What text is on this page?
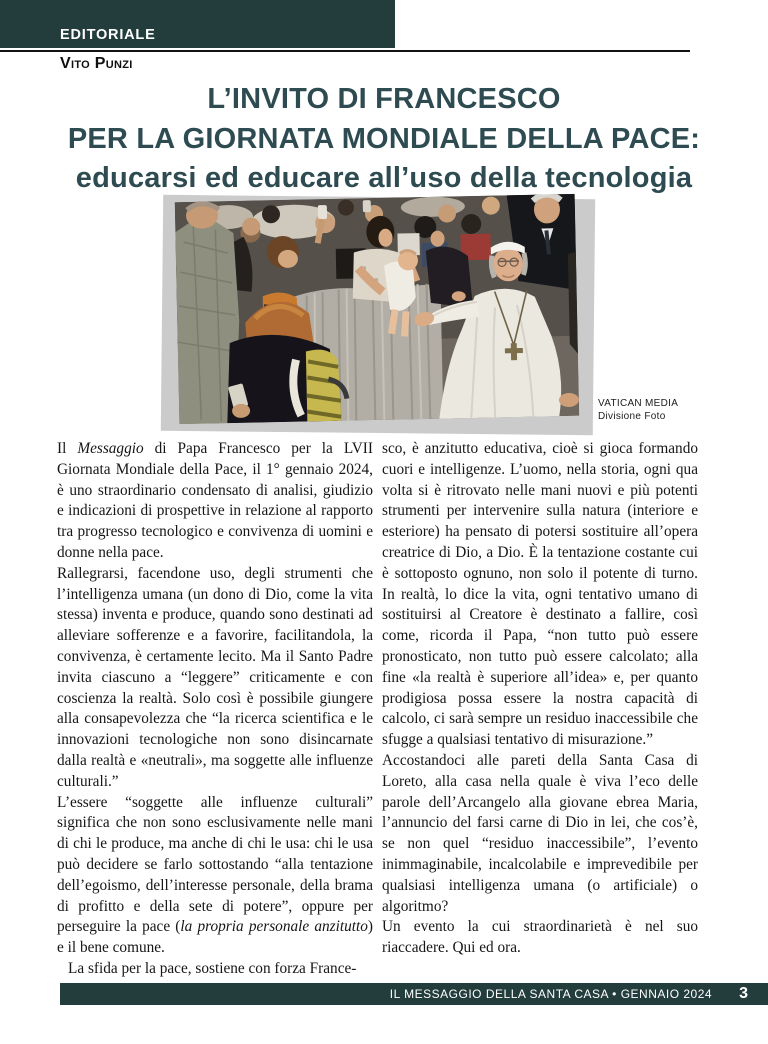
EDITORIALE
Vito Punzi
L’INVITO DI FRANCESCO
PER LA GIORNATA MONDIALE DELLA PACE:
educarsi ed educare all’uso della tecnologia
VATICAN MEDIA
Divisione Foto

Il Messaggio di Papa Francesco per la LVII Giornata Mondiale della Pace, il 1° gennaio 2024, è uno straordinario condensato di analisi, giudizio e indicazioni di prospettive in relazione al rapporto tra progresso tecnologico e convivenza di uomini e donne nella pace.

Rallegrarsi, facendone uso, degli strumenti che l’intelligenza umana (un dono di Dio, come la vita stessa) inventa e produce, quando sono destinati ad alleviare sofferenze e a favorire, facilitandola, la convivenza, è certamente lecito. Ma il Santo Padre invita ciascuno a “leggere” criticamente e con coscienza la realtà. Solo così è possibile giungere alla consapevolezza che “la ricerca scientifica e le innovazioni tecnologiche non sono disincarnate dalla realtà e «neutrali», ma soggette alle influenze culturali.”

L’essere “soggette alle influenze culturali” significa che non sono esclusivamente nelle mani di chi le produce, ma anche di chi le usa: chi le usa può decidere se farlo sottostando “alla tentazione dell’egoismo, dell’interesse personale, della brama di profitto e della sete di potere”, oppure per perseguire la pace (la propria personale anzitutto) e il bene comune.

La sfida per la pace, sostiene con forza France-

sco, è anzitutto educativa, cioè si gioca formando cuori e intelligenze. L’uomo, nella storia, ogni qua volta si è ritrovato nelle mani nuovi e più potenti strumenti per intervenire sulla natura (interiore e esteriore) ha pensato di potersi sostituire all’opera creatrice di Dio, a Dio. È la tentazione costante cui è sottoposto ognuno, non solo il potente di turno. In realtà, lo dice la vita, ogni tentativo umano di sostituirsi al Creatore è destinato a fallire, così come, ricorda il Papa, “non tutto può essere pronosticato, non tutto può essere calcolato; alla fine «la realtà è superiore all’idea» e, per quanto prodigiosa possa essere la nostra capacità di calcolo, ci sarà sempre un residuo inaccessibile che sfugge a qualsiasi tentativo di misurazione.”

Accostandoci alle pareti della Santa Casa di Loreto, alla casa nella quale è viva l’eco delle parole dell’Arcangelo alla giovane ebrea Maria, l’annuncio del farsi carne di Dio in lei, che cos’è, se non quel “residuo inaccessibile”, l’evento inimmaginabile, incalcolabile e imprevedibile per qualsiasi intelligenza umana (o artificiale) o algoritmo?

Un evento la cui straordinarietà è nel suo riaccadere. Qui ed ora.

IL MESSAGGIO DELLA SANTA CASA • GENNAIO 2024 3
